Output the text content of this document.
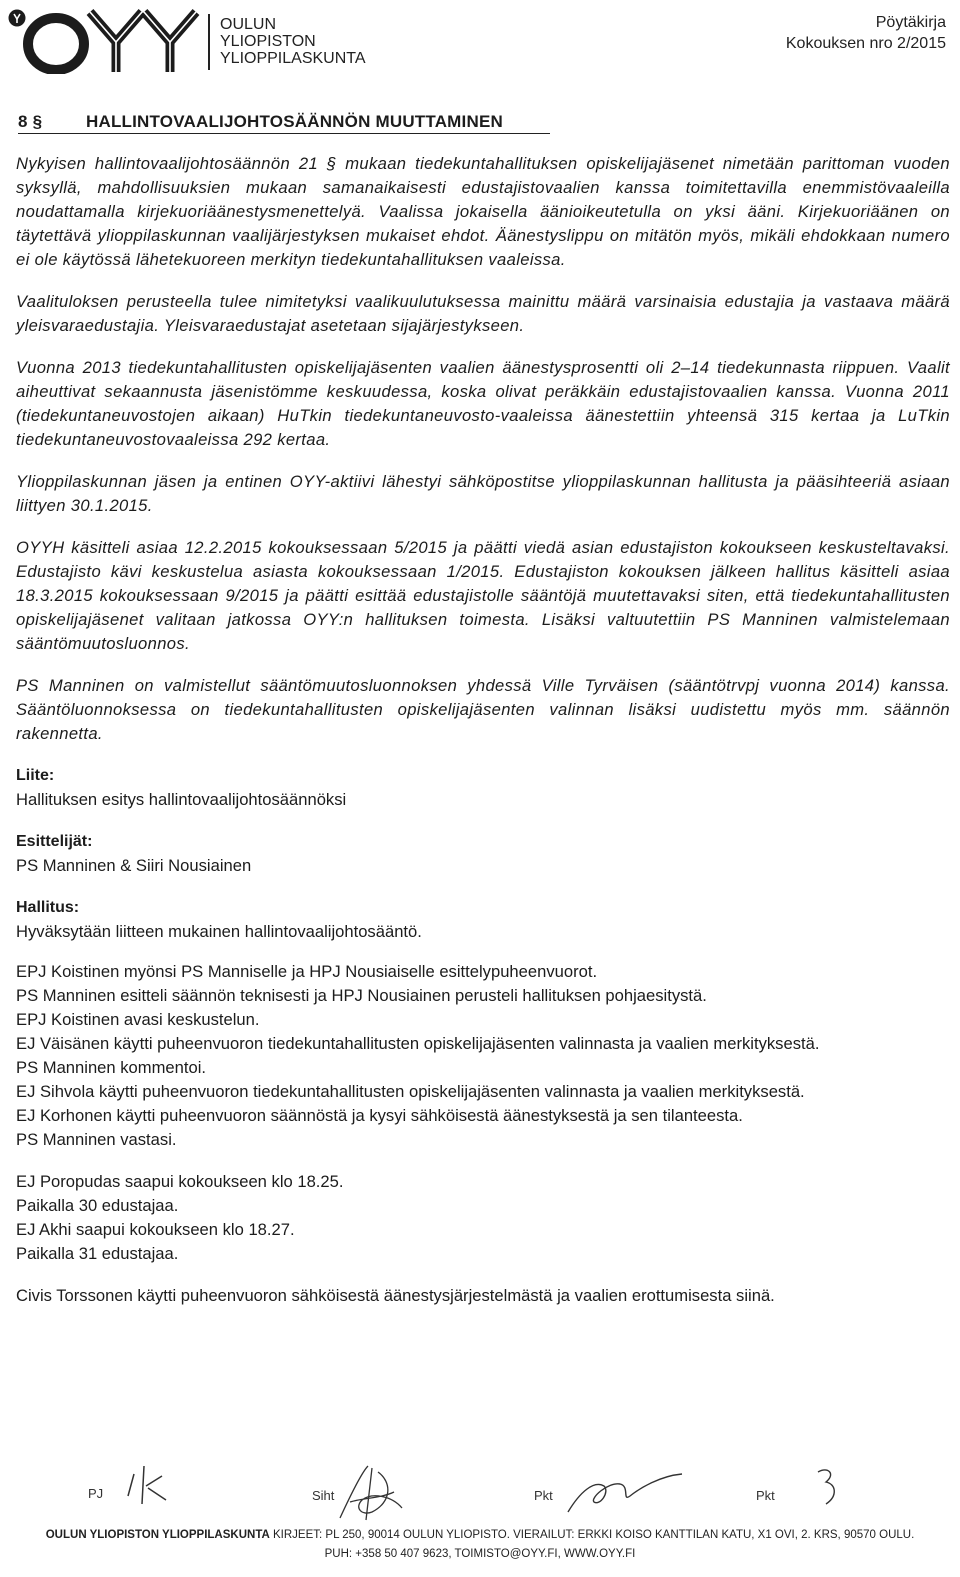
OULUN
YLIOPISTON
YLIOPPILASKUNTA
Pöytäkirja
Kokouksen nro 2/2015
8 §	HALLINTOVAALIJOHTOSÄÄNNÖN MUUTTAMINEN

Nykyisen hallintovaalijohtosäännön 21 § mukaan tiedekuntahallituksen opiskelijajäsenet nimetään parittoman vuoden syksyllä, mahdollisuuksien mukaan samanaikaisesti edustajistovaalien kanssa toimitettavilla enemmistövaaleilla noudattamalla kirjekuoriäänestysmenettelyä. Vaalissa jokaisella äänioikeutetulla on yksi ääni. Kirjekuoriäänen on täytettävä ylioppilaskunnan vaalijärjestyksen mukaiset ehdot. Äänestyslippu on mitätön myös, mikäli ehdokkaan numero ei ole käytössä lähetekuoreen merkityn tiedekuntahallituksen vaaleissa.

Vaalituloksen perusteella tulee nimitetyksi vaalikuulutuksessa mainittu määrä varsinaisia edustajia ja vastaava määrä yleisvaraedustajia. Yleisvaraedustajat asetetaan sijajärjestykseen.

Vuonna 2013 tiedekuntahallitusten opiskelijajäsenten vaalien äänestysprosentti oli 2–14 tiedekunnasta riippuen. Vaalit aiheuttivat sekaannusta jäsenistömme keskuudessa, koska olivat peräkkäin edustajistovaalien kanssa. Vuonna 2011 (tiedekuntaneuvostojen aikaan) HuTkin tiedekuntaneuvosto-vaaleissa äänestettiin yhteensä 315 kertaa ja LuTkin tiedekuntaneuvostovaaleissa 292 kertaa.

Ylioppilaskunnan jäsen ja entinen OYY-aktiivi lähestyi sähköpostitse ylioppilaskunnan hallitusta ja pääsihteeriä asiaan liittyen 30.1.2015.

OYYH käsitteli asiaa 12.2.2015 kokouksessaan 5/2015 ja päätti viedä asian edustajiston kokoukseen keskusteltavaksi. Edustajisto kävi keskustelua asiasta kokouksessaan 1/2015. Edustajiston kokouksen jälkeen hallitus käsitteli asiaa 18.3.2015 kokouksessaan 9/2015 ja päätti esittää edustajistolle sääntöjä muutettavaksi siten, että tiedekuntahallitusten opiskelijajäsenet valitaan jatkossa OYY:n hallituksen toimesta. Lisäksi valtuutettiin PS Manninen valmistelemaan sääntömuutosluonnos.

PS Manninen on valmistellut sääntömuutosluonnoksen yhdessä Ville Tyrväisen (sääntötrvpj vuonna 2014) kanssa. Sääntöluonnoksessa on tiedekuntahallitusten opiskelijajäsenten valinnan lisäksi uudistettu myös mm. säännön rakennetta.

Liite:
Hallituksen esitys hallintovaalijohtosäännöksi
Esittelijät:
PS Manninen & Siiri Nousiainen
Hallitus:
Hyväksytään liitteen mukainen hallintovaalijohtosääntö.
EPJ Koistinen myönsi PS Manniselle ja HPJ Nousiaiselle esittelypuheenvuorot.
PS Manninen esitteli säännön teknisesti ja HPJ Nousiainen perusteli hallituksen pohjaesitystä.
EPJ Koistinen avasi keskustelun.
EJ Väisänen käytti puheenvuoron tiedekuntahallitusten opiskelijajäsenten valinnasta ja vaalien merkityksestä.
PS Manninen kommentoi.
EJ Sihvola käytti puheenvuoron tiedekuntahallitusten opiskelijajäsenten valinnasta ja vaalien merkityksestä.
EJ Korhonen käytti puheenvuoron säännöstä ja kysyi sähköisestä äänestyksestä ja sen tilanteesta.
PS Manninen vastasi.
EJ Poropudas saapui kokoukseen klo 18.25.
Paikalla 30 edustajaa.
EJ Akhi saapui kokoukseen klo 18.27.
Paikalla 31 edustajaa.
Civis Torssonen käytti puheenvuoron sähköisestä äänestysjärjestelmästä ja vaalien erottumisesta siinä.
PJ	Siht	Pkt	Pkt
OULUN YLIOPISTON YLIOPPILASKUNTA KIRJEET: PL 250, 90014 OULUN YLIOPISTO. VIERAILUT: ERKKI KOISO KANTTILAN KATU, X1 OVI, 2. KRS, 90570 OULU.
PUH: +358 50 407 9623, TOIMISTO@OYY.FI, WWW.OYY.FI
